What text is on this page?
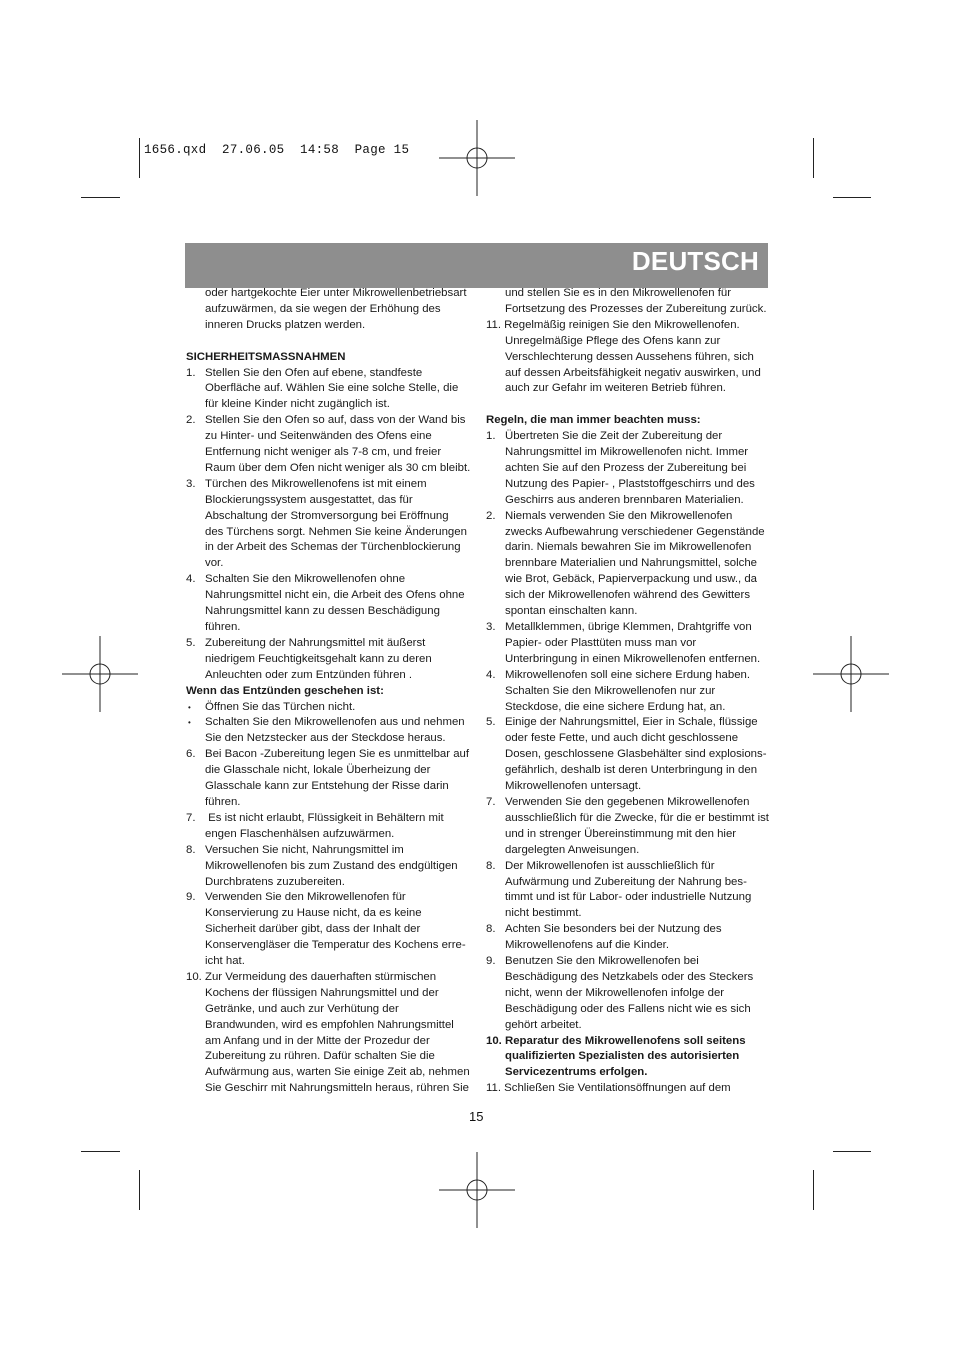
1656.qxd  27.06.05  14:58  Page 15
DEUTSCH
oder hartgekochte Eier unter Mikrowellenbetriebsart
aufzuwärmen, da sie wegen der Erhöhung des
inneren Drucks platzen werden.
SICHERHEITSMASSNAHMEN
1. Stellen Sie den Ofen auf ebene, standfeste
Oberfläche auf. Wählen Sie eine solche Stelle, die
für kleine Kinder nicht zugänglich ist.
2. Stellen Sie den Ofen so auf, dass von der Wand bis
zu Hinter- und Seitenwänden des Ofens eine
Entfernung nicht weniger als 7-8 cm, und freier
Raum über dem Ofen nicht weniger als 30 cm bleibt.
3. Türchen des Mikrowellenofens ist mit einem
Blockierungssystem ausgestattet, das für
Abschaltung der Stromversorgung bei Eröffnung
des Türchens sorgt. Nehmen Sie keine Änderungen
in der Arbeit des Schemas der Türchenblockierung
vor.
4. Schalten Sie den Mikrowellenofen ohne
Nahrungsmittel nicht ein, die Arbeit des Ofens ohne
Nahrungsmittel kann zu dessen Beschädigung
führen.
5. Zubereitung der Nahrungsmittel mit äußerst
niedrigem Feuchtigkeitsgehalt kann zu deren
Anleuchten oder zum Entzünden führen .
Wenn das Entzünden geschehen ist:
• Öffnen Sie das Türchen nicht.
• Schalten Sie den Mikrowellenofen aus und nehmen
Sie den Netzstecker aus der Steckdose heraus.
6. Bei Bacon -Zubereitung legen Sie es unmittelbar auf
die Glasschale nicht, lokale Überheizung der
Glasschale kann zur Entstehung der Risse darin
führen.
7. Es ist nicht erlaubt, Flüssigkeit in Behältern mit
engen Flaschenhälsen aufzuwärmen.
8. Versuchen Sie nicht, Nahrungsmittel im
Mikrowellenofen bis zum Zustand des endgültigen
Durchbratens zuzubereiten.
9. Verwenden Sie den Mikrowellenofen für
Konservierung zu Hause nicht, da es keine
Sicherheit darüber gibt, dass der Inhalt der
Konservengläser die Temperatur des Kochens erre-
icht hat.
10. Zur Vermeidung des dauerhaften stürmischen
Kochens der flüssigen Nahrungsmittel und der
Getränke, und auch zur Verhütung der
Brandwunden, wird es empfohlen Nahrungsmittel
am Anfang und in der Mitte der Prozedur der
Zubereitung zu rühren. Dafür schalten Sie die
Aufwärmung aus, warten Sie einige Zeit ab, nehmen
Sie Geschirr mit Nahrungsmitteln heraus, rühren Sie
und stellen Sie es in den Mikrowellenofen für
Fortsetzung des Prozesses der Zubereitung zurück.
11. Regelmäßig reinigen Sie den Mikrowellenofen.
Unregelmäßige Pflege des Ofens kann zur
Verschlechterung dessen Aussehens führen, sich
auf dessen Arbeitsfähigkeit negativ auswirken, und
auch zur Gefahr im weiteren Betrieb führen.
Regeln, die man immer beachten muss:
1. Übertreten Sie die Zeit der Zubereitung der
Nahrungsmittel im Mikrowellenofen nicht. Immer
achten Sie auf den Prozess der Zubereitung bei
Nutzung des Papier- , Plaststoffgeschirrs und des
Geschirrs aus anderen brennbaren Materialien.
2. Niemals verwenden Sie den Mikrowellenofen
zwecks Aufbewahrung verschiedener Gegenstände
darin. Niemals bewahren Sie im Mikrowellenofen
brennbare Materialien und Nahrungsmittel, solche
wie Brot, Gebäck, Papierverpackung und usw., da
sich der Mikrowellenofen während des Gewitters
spontan einschalten kann.
3. Metallklemmen, übrige Klemmen, Drahtgriffe von
Papier- oder Plasttüten muss man vor
Unterbringung in einen Mikrowellenofen entfernen.
4. Mikrowellenofen soll eine sichere Erdung haben.
Schalten Sie den Mikrowellenofen nur zur
Steckdose, die eine sichere Erdung hat, an.
5. Einige der Nahrungsmittel, Eier in Schale, flüssige
oder feste Fette, und auch dicht geschlossene
Dosen, geschlossene Glasbehälter sind explosions-
gefährlich, deshalb ist deren Unterbringung in den
Mikrowellenofen untersagt.
7. Verwenden Sie den gegebenen Mikrowellenofen
ausschließlich für die Zwecke, für die er bestimmt ist
und in strenger Übereinstimmung mit den hier
dargelegten Anweisungen.
8. Der Mikrowellenofen ist ausschließlich für
Aufwärmung und Zubereitung der Nahrung bes-
timmt und ist für Labor- oder industrielle Nutzung
nicht bestimmt.
8. Achten Sie besonders bei der Nutzung des
Mikrowellenofens auf die Kinder.
9. Benutzen Sie den Mikrowellenofen bei
Beschädigung des Netzkabels oder des Steckers
nicht, wenn der Mikrowellenofen infolge der
Beschädigung oder des Fallens nicht wie es sich
gehört arbeitet.
10. Reparatur des Mikrowellenofens soll seitens
qualifizierten Spezialisten des autorisierten
Servicezentrums erfolgen.
11. Schließen Sie Ventilationsöffnungen auf dem
15
